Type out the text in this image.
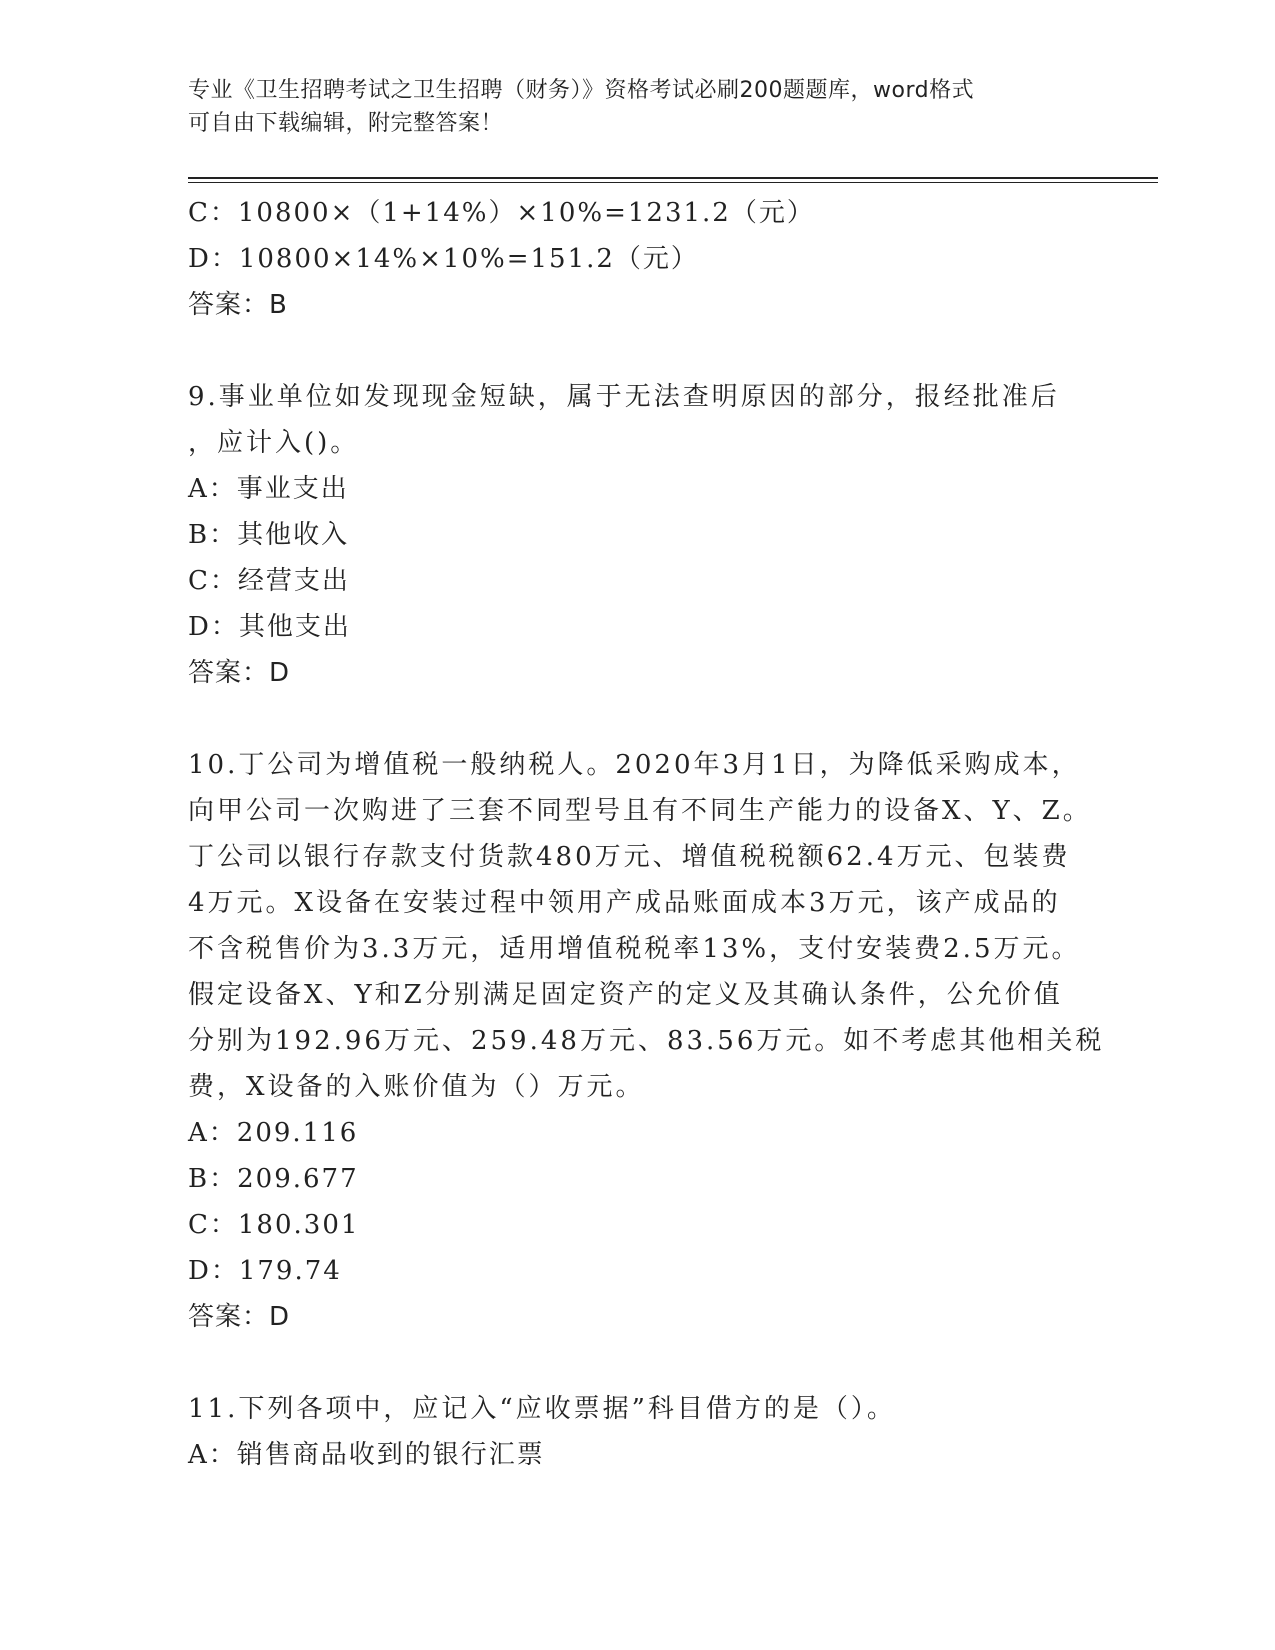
专业《卫生招聘考试之卫生招聘（财务）》资格考试必刷200题题库，word格式
可自由下载编辑，附完整答案！
C：10800×（1+14%）×10%=1231.2（元）
D：10800×14%×10%=151.2（元）
答案：B
9.事业单位如发现现金短缺，属于无法查明原因的部分，报经批准后
，应计入()。
A：事业支出
B：其他收入
C：经营支出
D：其他支出
答案：D
10.丁公司为增值税一般纳税人。2020年3月1日，为降低采购成本，
向甲公司一次购进了三套不同型号且有不同生产能力的设备X、Y、Z。
丁公司以银行存款支付货款480万元、增值税税额62.4万元、包装费
4万元。X设备在安装过程中领用产成品账面成本3万元，该产成品的
不含税售价为3.3万元，适用增值税税率13%，支付安装费2.5万元。
假定设备X、Y和Z分别满足固定资产的定义及其确认条件，公允价值
分别为192.96万元、259.48万元、83.56万元。如不考虑其他相关税
费，X设备的入账价值为（）万元。
A：209.116
B：209.677
C：180.301
D：179.74
答案：D
11.下列各项中，应记入“应收票据”科目借方的是（）。
A：销售商品收到的银行汇票
